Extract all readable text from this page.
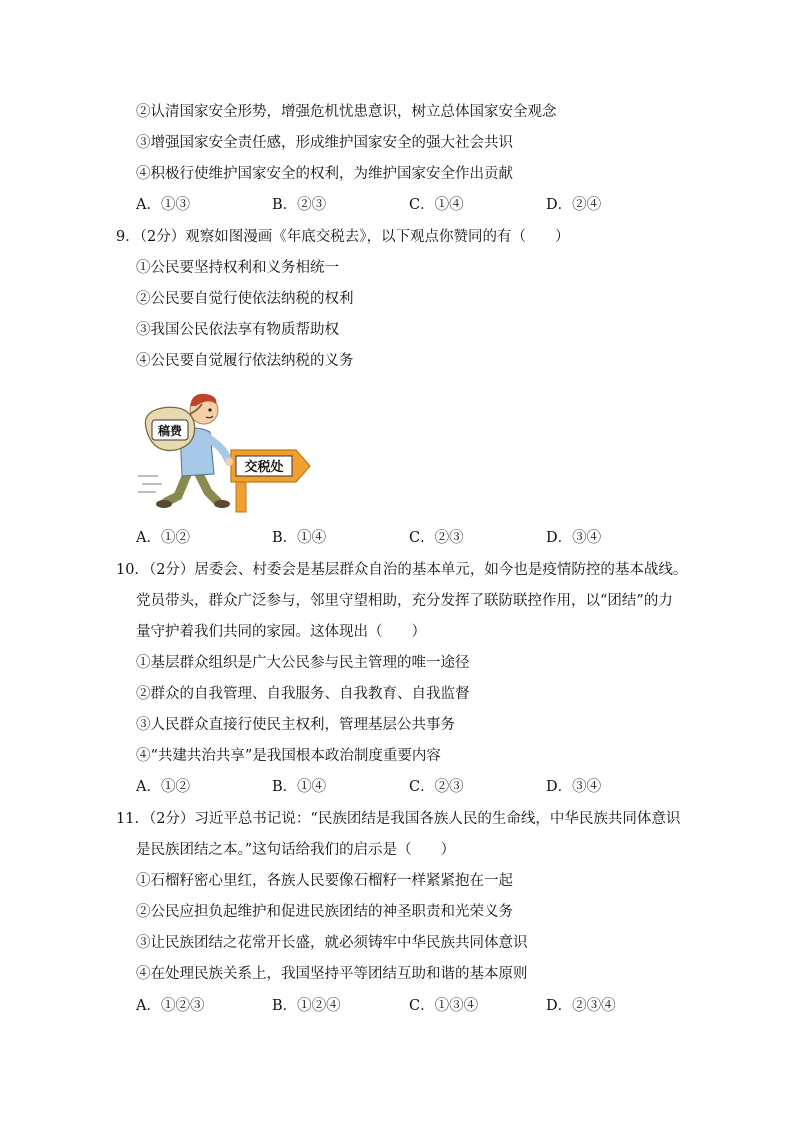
②认清国家安全形势，增强危机忧患意识，树立总体国家安全观念
③增强国家安全责任感，形成维护国家安全的强大社会共识
④积极行使维护国家安全的权利，为维护国家安全作出贡献
A．①③	B．②③	C．①④	D．②④
9．（2分）观察如图漫画《年底交税去》，以下观点你赞同的有（　　）
①公民要坚持权利和义务相统一
②公民要自觉行使依法纳税的权利
③我国公民依法享有物质帮助权
④公民要自觉履行依法纳税的义务
交税处
稿费
A．①②	B．①④	C．②③	D．③④
10．（2分）居委会、村委会是基层群众自治的基本单元，如今也是疫情防控的基本战线。
党员带头，群众广泛参与，邻里守望相助，充分发挥了联防联控作用，以“团结”的力
量守护着我们共同的家园。这体现出（　　）
①基层群众组织是广大公民参与民主管理的唯一途径
②群众的自我管理、自我服务、自我教育、自我监督
③人民群众直接行使民主权利，管理基层公共事务
④“共建共治共享”是我国根本政治制度重要内容
A．①②	B．①④	C．②③	D．③④
11．（2分）习近平总书记说：“民族团结是我国各族人民的生命线，中华民族共同体意识
是民族团结之本。”这句话给我们的启示是（　　）
①石榴籽密心里红，各族人民要像石榴籽一样紧紧抱在一起
②公民应担负起维护和促进民族团结的神圣职责和光荣义务
③让民族团结之花常开长盛，就必须铸牢中华民族共同体意识
④在处理民族关系上，我国坚持平等团结互助和谐的基本原则
A．①②③	B．①②④	C．①③④	D．②③④
